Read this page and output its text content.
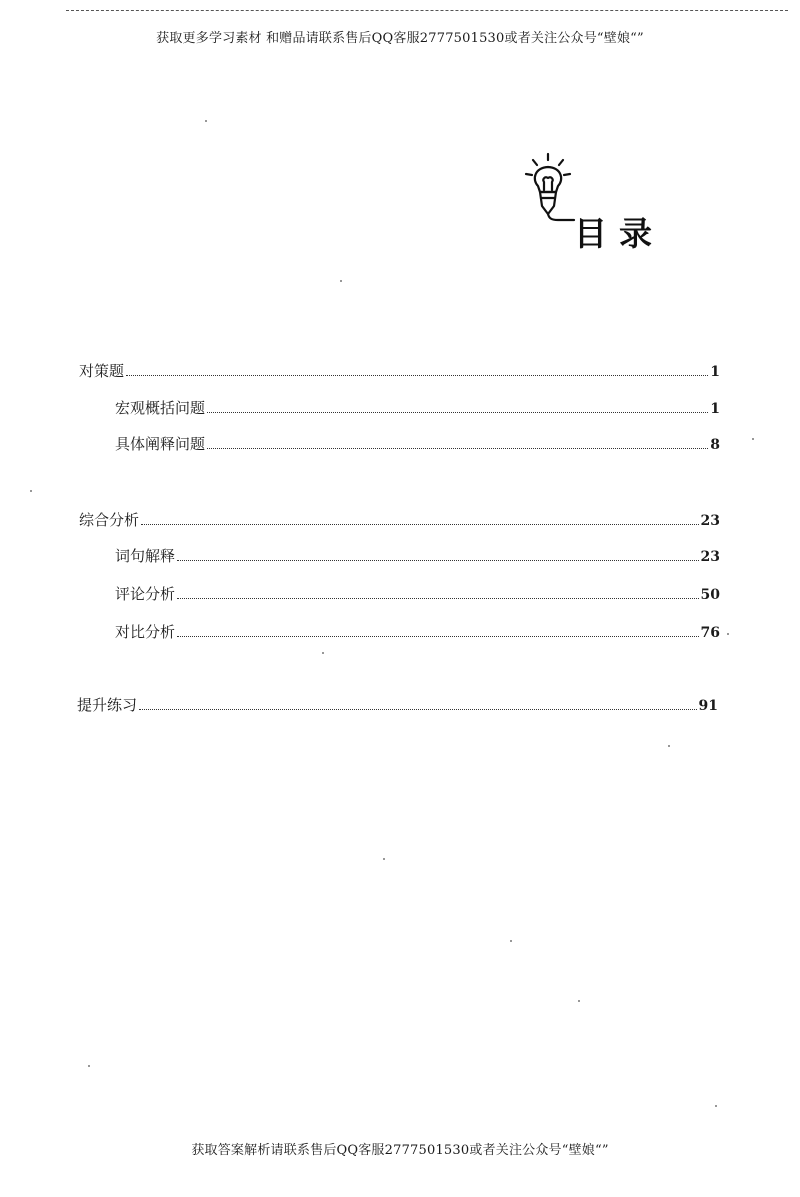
获取更多学习素材 和赠品请联系售后QQ客服2777501530或者关注公众号“壁娘“”
目录
对策题	1
宏观概括问题	1
具体阐释问题	8
综合分析	23
词句解释	23
评论分析	50
对比分析	76
提升练习	91
获取答案解析请联系售后QQ客服2777501530或者关注公众号“壁娘“”
